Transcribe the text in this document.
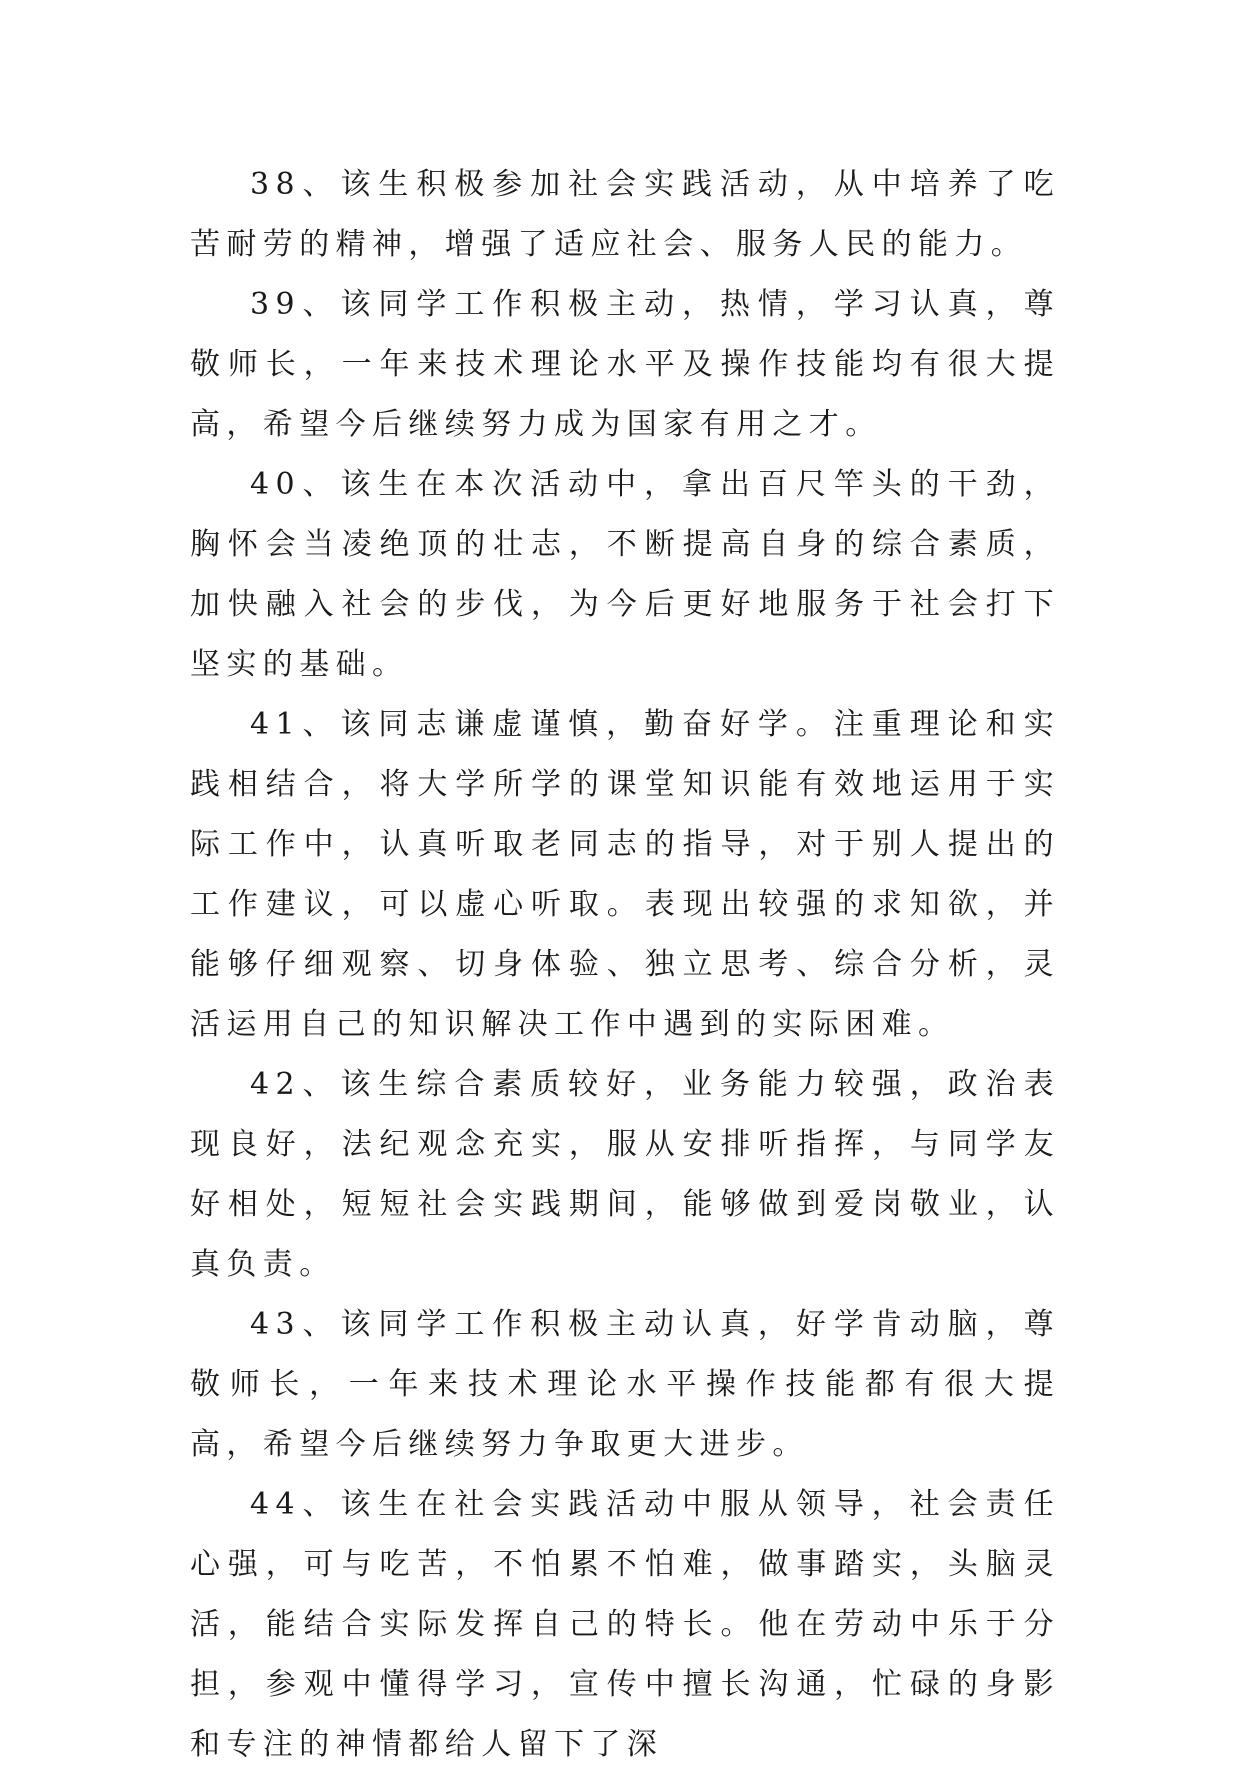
38、该生积极参加社会实践活动，从中培养了吃苦耐劳的精神，增强了适应社会、服务人民的能力。

39、该同学工作积极主动，热情，学习认真，尊敬师长，一年来技术理论水平及操作技能均有很大提高，希望今后继续努力成为国家有用之才。

40、该生在本次活动中，拿出百尺竿头的干劲，胸怀会当凌绝顶的壮志，不断提高自身的综合素质，加快融入社会的步伐，为今后更好地服务于社会打下坚实的基础。

41、该同志谦虚谨慎，勤奋好学。注重理论和实践相结合，将大学所学的课堂知识能有效地运用于实际工作中，认真听取老同志的指导，对于别人提出的工作建议，可以虚心听取。表现出较强的求知欲，并能够仔细观察、切身体验、独立思考、综合分析，灵活运用自己的知识解决工作中遇到的实际困难。

42、该生综合素质较好，业务能力较强，政治表现良好，法纪观念充实，服从安排听指挥，与同学友好相处，短短社会实践期间，能够做到爱岗敬业，认真负责。

43、该同学工作积极主动认真，好学肯动脑，尊敬师长，一年来技术理论水平操作技能都有很大提高，希望今后继续努力争取更大进步。

44、该生在社会实践活动中服从领导，社会责任心强，可与吃苦，不怕累不怕难，做事踏实，头脑灵活，能结合实际发挥自己的特长。他在劳动中乐于分担，参观中懂得学习，宣传中擅长沟通，忙碌的身影和专注的神情都给人留下了深
